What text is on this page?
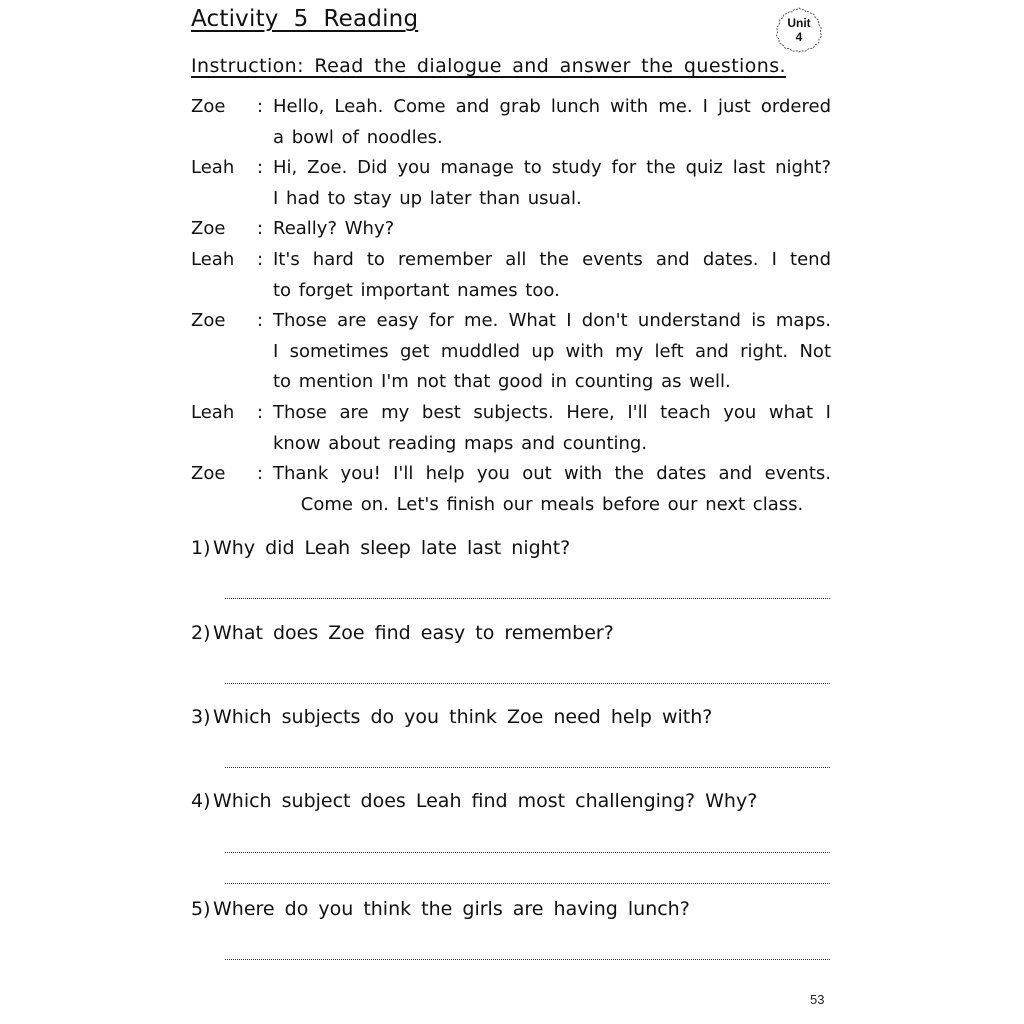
Activity  5  Reading	Unit
4
Instruction: Read the dialogue and answer the questions.
Zoe	: Hello, Leah. Come and grab lunch with me. I just ordered
a bowl of noodles.
Leah	: Hi, Zoe. Did you manage to study for the quiz last night?
I had to stay up later than usual.
Zoe	: Really? Why?
Leah	: It's hard to remember all the events and dates. I tend
to forget important names too.
Zoe	: Those are easy for me. What I don't understand is maps.
I sometimes get muddled up with my left and right. Not
to mention I'm not that good in counting as well.
Leah	: Those are my best subjects. Here, I'll teach you what I
know about reading maps and counting.
Zoe	: Thank you! I'll help you out with the dates and events.
Come on. Let's finish our meals before our next class.
1) Why did Leah sleep late last night?
2) What does Zoe find easy to remember?
3) Which subjects do you think Zoe need help with?
4) Which subject does Leah find most challenging? Why?
5) Where do you think the girls are having lunch?
53
